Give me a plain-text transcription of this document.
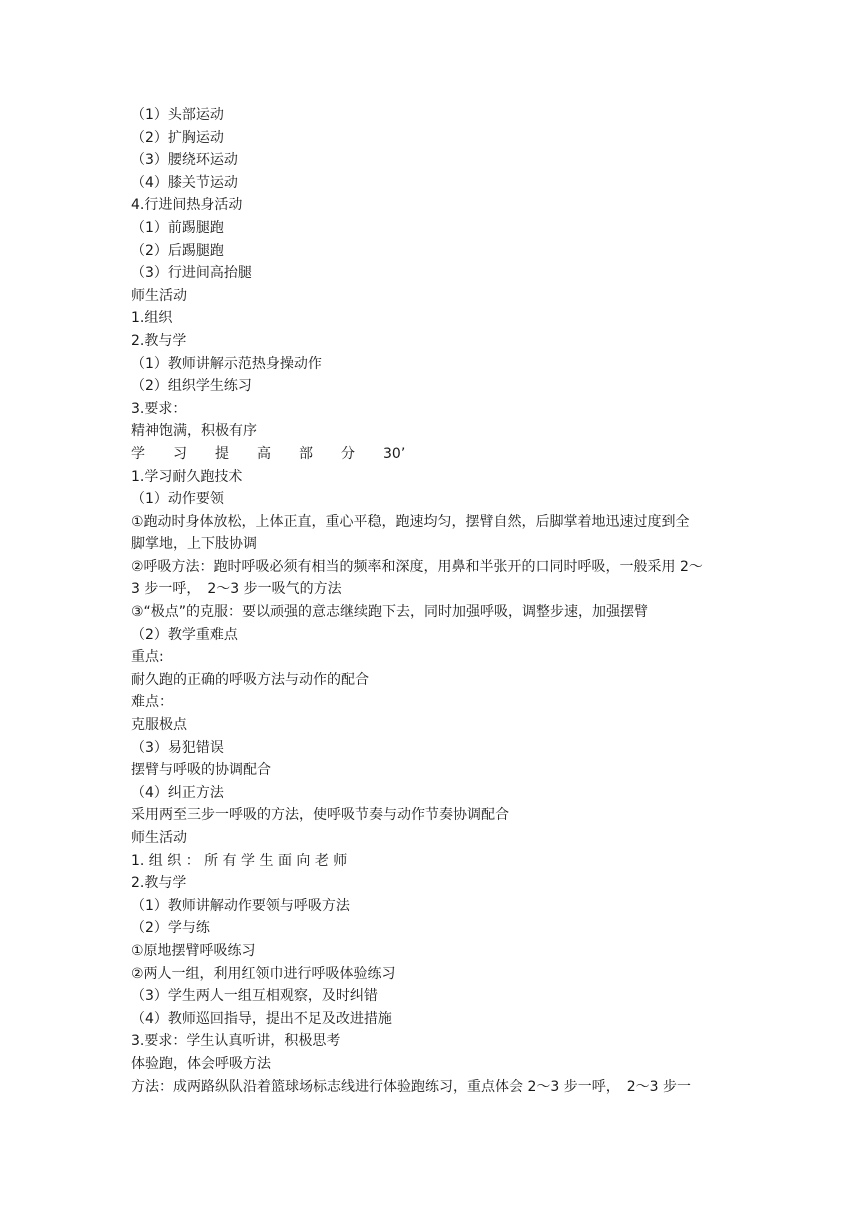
（1）头部运动
（2）扩胸运动
（3）腰绕环运动
（4）膝关节运动
4.行进间热身活动
（1）前踢腿跑
（2）后踢腿跑
（3）行进间高抬腿
师生活动
1.组织
2.教与学
（1）教师讲解示范热身操动作
（2）组织学生练习
3.要求：
精神饱满，积极有序
学　　习　　提　　高　　部　　分　　30’
1.学习耐久跑技术
（1）动作要领
①跑动时身体放松，上体正直，重心平稳，跑速均匀，摆臂自然，后脚掌着地迅速过度到全
脚掌地，上下肢协调
②呼吸方法：跑时呼吸必须有相当的频率和深度，用鼻和半张开的口同时呼吸，一般采用 2～
3 步一呼，　2～3 步一吸气的方法
③“极点”的克服：要以顽强的意志继续跑下去，同时加强呼吸，调整步速，加强摆臂
（2）教学重难点
重点:
耐久跑的正确的呼吸方法与动作的配合
难点：
克服极点
（3）易犯错误
摆臂与呼吸的协调配合
（4）纠正方法
采用两至三步一呼吸的方法，使呼吸节奏与动作节奏协调配合
师生活动
1. 组 织 ： 所 有 学 生 面 向 老 师
2.教与学
（1）教师讲解动作要领与呼吸方法
（2）学与练
①原地摆臂呼吸练习
②两人一组，利用红领巾进行呼吸体验练习
（3）学生两人一组互相观察，及时纠错
（4）教师巡回指导，提出不足及改进措施
3.要求：学生认真听讲，积极思考
体验跑，体会呼吸方法
方法：成两路纵队沿着篮球场标志线进行体验跑练习，重点体会 2～3 步一呼，　2～3 步一
